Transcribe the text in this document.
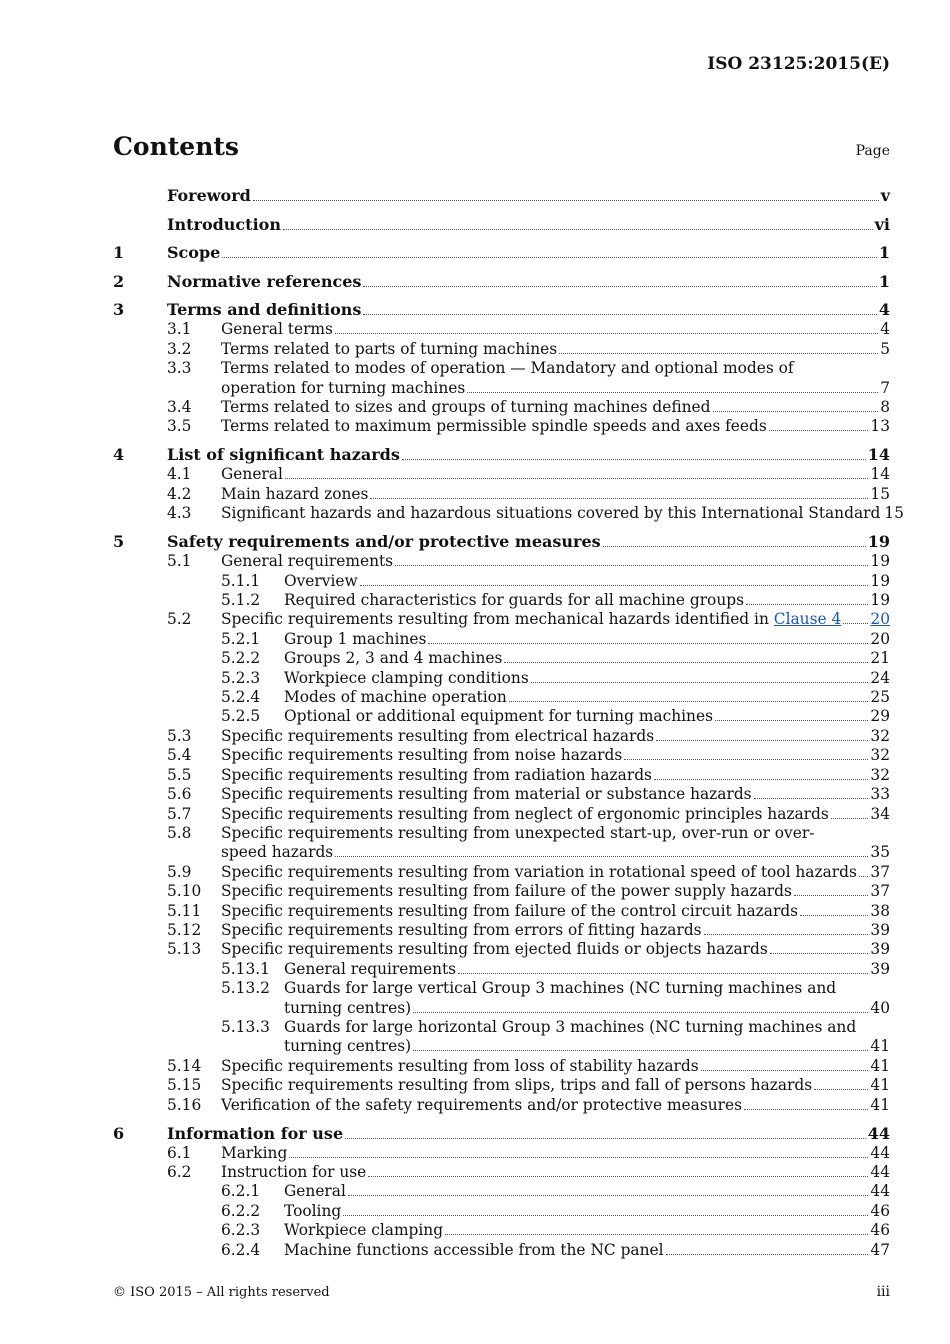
ISO 23125:2015(E)
Contents	Page
Foreword	v
Introduction	vi
1	Scope	1
2	Normative references	1
3	Terms and definitions	4
3.1	General terms	4
3.2	Terms related to parts of turning machines	5
3.3	Terms related to modes of operation — Mandatory and optional modes of
operation for turning machines	7
3.4	Terms related to sizes and groups of turning machines defined	8
3.5	Terms related to maximum permissible spindle speeds and axes feeds	13
4	List of significant hazards	14
4.1	General	14
4.2	Main hazard zones	15
4.3	Significant hazards and hazardous situations covered by this International Standard 15
5	Safety requirements and/or protective measures	19
5.1	General requirements	19
5.1.1	Overview	19
5.1.2	Required characteristics for guards for all machine groups	19
5.2	Specific requirements resulting from mechanical hazards identified in
Clause 4 20
5.2.1	Group 1 machines	20
5.2.2	Groups 2, 3 and 4 machines	21
5.2.3	Workpiece clamping conditions	24
5.2.4	Modes of machine operation	25
5.2.5	Optional or additional equipment for turning machines	29
5.3	Specific requirements resulting from electrical hazards	32
5.4	Specific requirements resulting from noise hazards	32
5.5	Specific requirements resulting from radiation hazards	32
5.6	Specific requirements resulting from material or substance hazards	33
5.7	Specific requirements resulting from neglect of ergonomic principles hazards	34
5.8	Specific requirements resulting from unexpected start-up, over-run or over-
speed hazards	35
5.9	Specific requirements resulting from variation in rotational speed of tool hazards 37
5.10	Specific requirements resulting from failure of the power supply hazards	37
5.11	Specific requirements resulting from failure of the control circuit hazards	38
5.12	Specific requirements resulting from errors of fitting hazards	39
5.13	Specific requirements resulting from ejected fluids or objects hazards	39
5.13.1 General requirements	39
5.13.2 Guards for large vertical Group 3 machines (NC turning machines and
turning centres)	40
5.13.3 Guards for large horizontal Group 3 machines (NC turning machines and
turning centres)	41
5.14	Specific requirements resulting from loss of stability hazards	41
5.15	Specific requirements resulting from slips, trips and fall of persons hazards	41
5.16	Verification of the safety requirements and/or protective measures	41
6	Information for use	44
6.1	Marking	44
6.2	Instruction for use	44
6.2.1	General	44
6.2.2	Tooling	46
6.2.3	Workpiece clamping	46
6.2.4	Machine functions accessible from the NC panel	47
© ISO 2015 – All rights reserved	iii
